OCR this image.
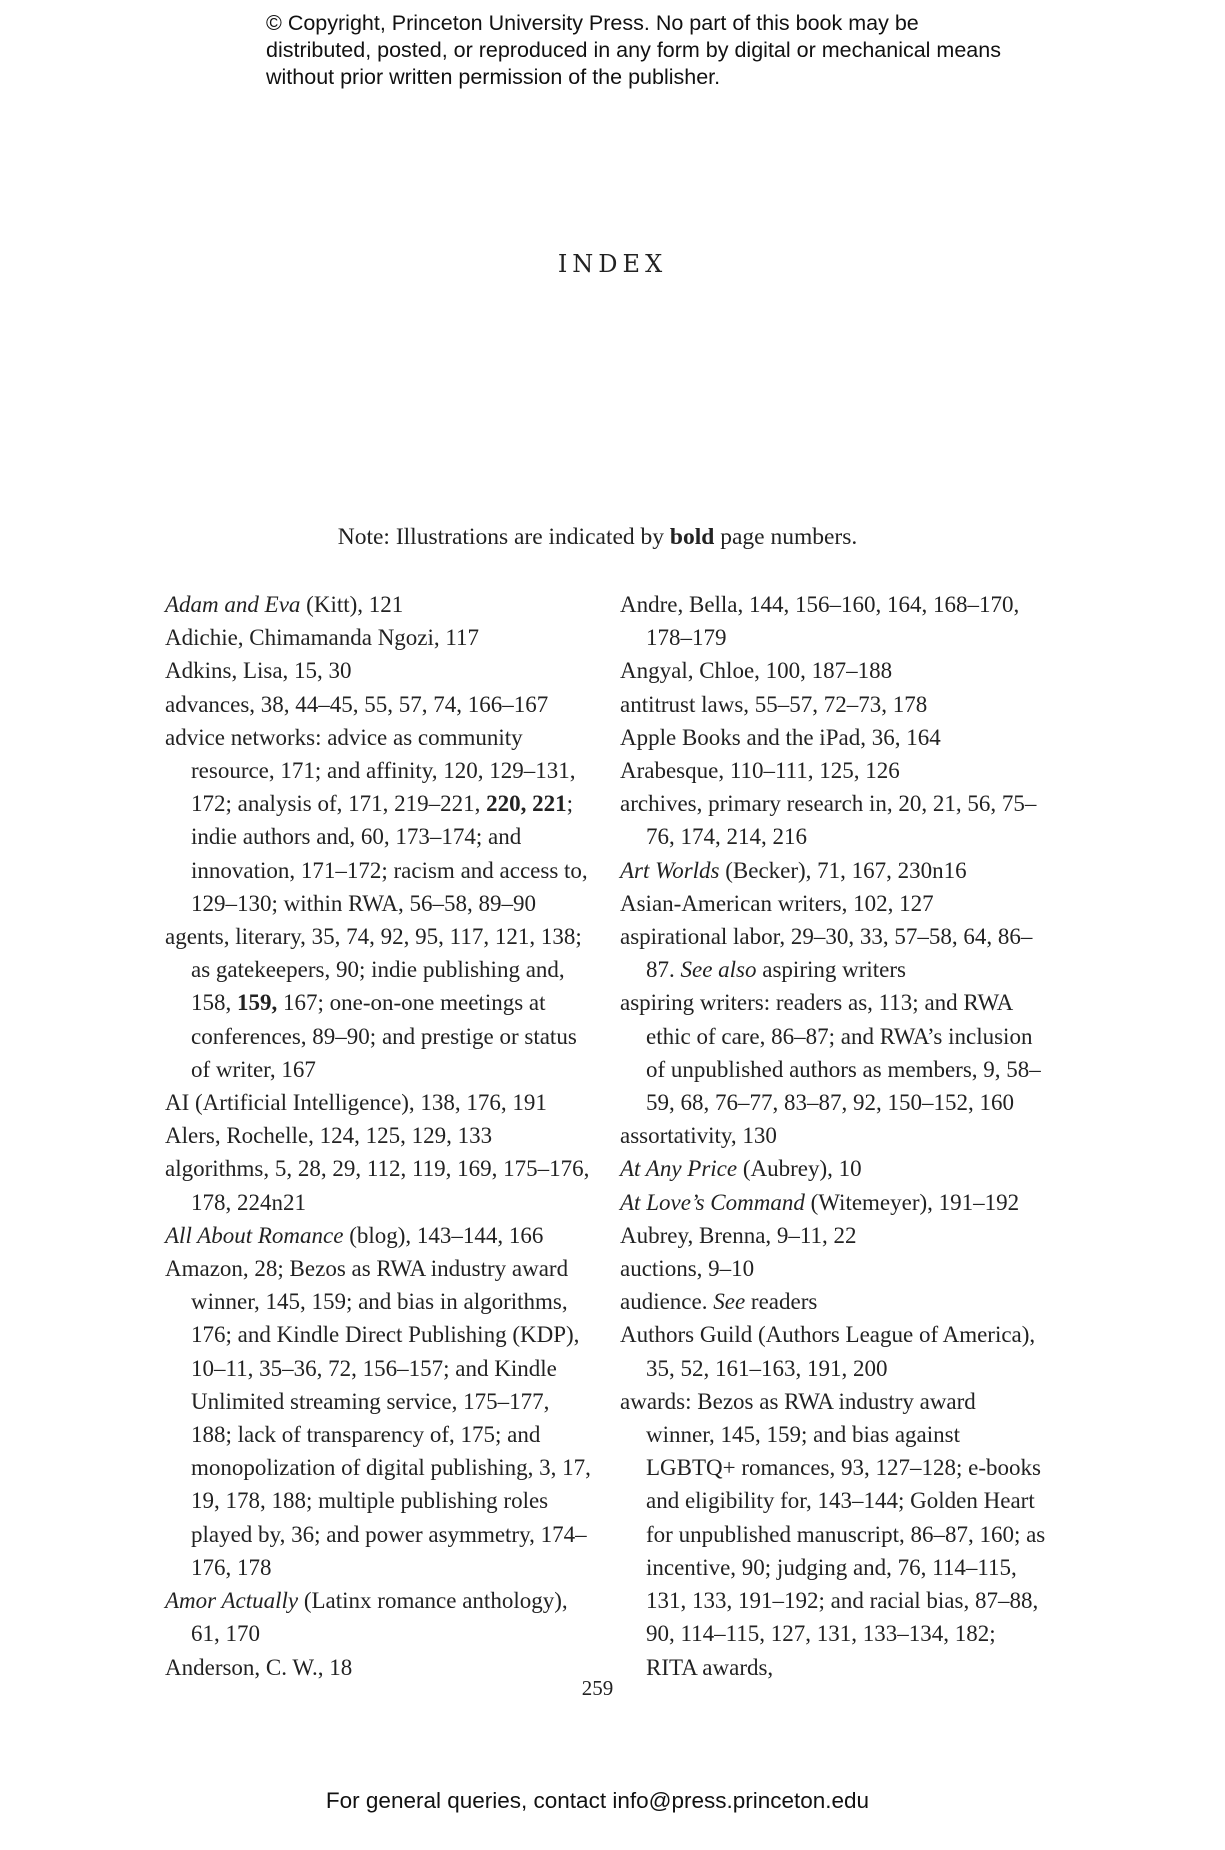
© Copyright, Princeton University Press. No part of this book may be distributed, posted, or reproduced in any form by digital or mechanical means without prior written permission of the publisher.
INDEX
Note: Illustrations are indicated by bold page numbers.

Adam and Eva (Kitt), 121

Adichie, Chimamanda Ngozi, 117

Adkins, Lisa, 15, 30

advances, 38, 44–45, 55, 57, 74, 166–167

advice networks: advice as community resource, 171; and affinity, 120, 129–131, 172; analysis of, 171, 219–221, 220, 221; indie authors and, 60, 173–174; and innovation, 171–172; racism and access to, 129–130; within RWA, 56–58, 89–90

agents, literary, 35, 74, 92, 95, 117, 121, 138; as gatekeepers, 90; indie publishing and, 158, 159, 167; one-on-one meetings at conferences, 89–90; and prestige or status of writer, 167

AI (Artificial Intelligence), 138, 176, 191

Alers, Rochelle, 124, 125, 129, 133

algorithms, 5, 28, 29, 112, 119, 169, 175–176, 178, 224n21

All About Romance (blog), 143–144, 166

Amazon, 28; Bezos as RWA industry award winner, 145, 159; and bias in algorithms, 176; and Kindle Direct Publishing (KDP), 10–11, 35–36, 72, 156–157; and Kindle Unlimited streaming service, 175–177, 188; lack of transparency of, 175; and monopolization of digital publishing, 3, 17, 19, 178, 188; multiple publishing roles played by, 36; and power asymmetry, 174–176, 178

Amor Actually (Latinx romance anthology), 61, 170

Anderson, C. W., 18

Andre, Bella, 144, 156–160, 164, 168–170, 178–179

Angyal, Chloe, 100, 187–188

antitrust laws, 55–57, 72–73, 178

Apple Books and the iPad, 36, 164

Arabesque, 110–111, 125, 126

archives, primary research in, 20, 21, 56, 75–76, 174, 214, 216

Art Worlds (Becker), 71, 167, 230n16

Asian-American writers, 102, 127

aspirational labor, 29–30, 33, 57–58, 64, 86–87. See also aspiring writers

aspiring writers: readers as, 113; and RWA ethic of care, 86–87; and RWA’s inclusion of unpublished authors as members, 9, 58–59, 68, 76–77, 83–87, 92, 150–152, 160

assortativity, 130

At Any Price (Aubrey), 10

At Love’s Command (Witemeyer), 191–192

Aubrey, Brenna, 9–11, 22

auctions, 9–10

audience. See readers

Authors Guild (Authors League of America), 35, 52, 161–163, 191, 200

awards: Bezos as RWA industry award winner, 145, 159; and bias against LGBTQ+ romances, 93, 127–128; e-books and eligibility for, 143–144; Golden Heart for unpublished manuscript, 86–87, 160; as incentive, 90; judging and, 76, 114–115, 131, 133, 191–192; and racial bias, 87–88, 90, 114–115, 127, 131, 133–134, 182; RITA awards,

259
For general queries, contact info@press.princeton.edu
